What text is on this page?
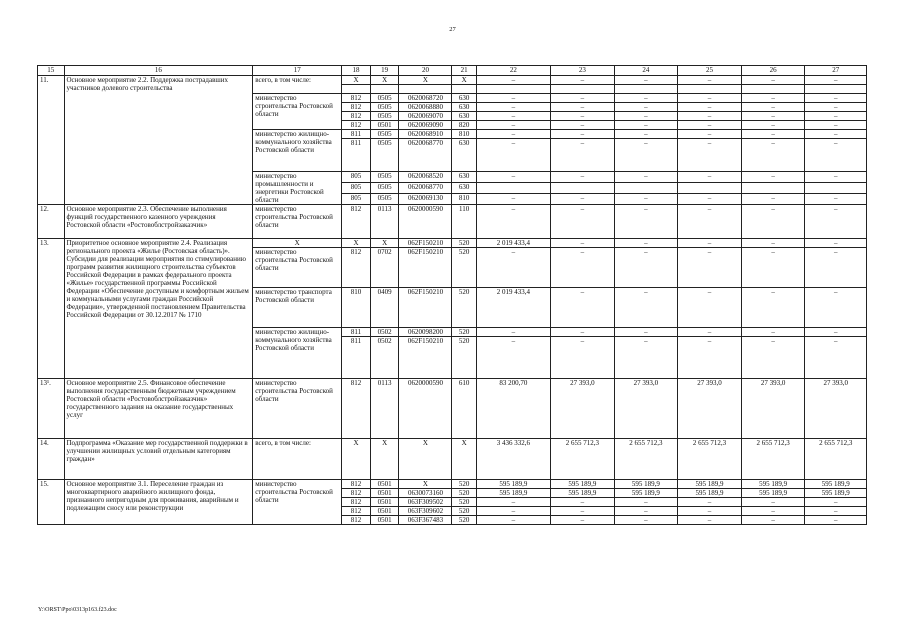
27
15	16	17	18	19	20	21	22	23	24	25	26	27
11.	Основное мероприятие 2.2. Поддержка пострадавших участников долевого строительства	всего, в том числе:	X	X	X	X	–	–	–	–	–	–

		министерство строительства Ростовской области	812	0505	0620068720	630	–	–	–	–	–	–
			812	0505	0620068880	630	–	–	–	–	–	–
			812	0505	0620069070	630	–	–	–	–	–	–
			812	0501	0620069090	820	–	–	–	–	–	–
		министерство жилищно-коммунального хозяйства Ростовской области	811	0505	0620068910	810	–	–	–	–	–	–
			811	0505	0620068770	630	–	–	–	–	–	–

		министерство промышленности и энергетики Ростовской области	805	0505	0620068520	630	–	–	–	–	–	–
			805	0505	0620068770	630						
			805	0505	0620069130	810	–	–	–	–	–	–
12.	Основное мероприятие 2.3. Обеспечение выполнения функций государственного казенного учреждения Ростовской области «Ростовоблстройзаказчик»	министерство строительства Ростовской области	812	0113	0620000590	110	–	–	–	–	–	–
13.	Приоритетное основное мероприятие 2.4. Реализация регионального проекта «Жилье (Ростовская область)». Субсидии для реализации мероприятия по стимулированию программ развития жилищного строительства субъектов Российской Федерации в рамках федерального проекта «Жилье» государственной программы Российской Федерации «Обеспечение доступным и комфортным жильем и коммунальными услугами граждан Российской Федерации», утвержденной постановлением Правительства Российской Федерации от 30.12.2017 № 1710	X	X	X	062F150210	520	2 019 433,4	–	–	–	–	–
		министерство строительства Ростовской области	812	0702	062F150210	520	–	–	–	–	–	–
		министерство транспорта Ростовской области	810	0409	062F150210	520	2 019 433,4	–	–	–	–	–
		министерство жилищно-коммунального хозяйства Ростовской области	811	0502	0620098200	520	–	–	–	–	–	–
			811	0502	062F150210	520	–	–	–	–	–	–

13¹.	Основное мероприятие 2.5. Финансовое обеспечение выполнения государственным бюджетным учреждением Ростовской области «Ростовоблстройзаказчик» государственного задания на оказание государственных услуг	министерство строительства Ростовской области	812	0113	0620000590	610	83 200,70	27 393,0	27 393,0	27 393,0	27 393,0	27 393,0
14.	Подпрограмма «Оказание мер государственной поддержки в улучшении жилищных условий отдельным категориям граждан»	всего, в том числе:	X	X	X	X	3 436 332,6	2 655 712,3	2 655 712,3	2 655 712,3	2 655 712,3	2 655 712,3
15.	Основное мероприятие 3.1. Переселение граждан из многоквартирного аварийного жилищного фонда, признанного непригодным для проживания, аварийным и подлежащим сносу или реконструкции	министерство строительства Ростовской области	812	0501	X	520	595 189,9	595 189,9	595 189,9	595 189,9	595 189,9	595 189,9
			812	0501	0630073160	520	595 189,9	595 189,9	595 189,9	595 189,9	595 189,9	595 189,9
			812	0501	063F309502	520	–	–	–	–	–	–
			812	0501	063F309602	520	–	–	–	–	–	–
			812	0501	063F367483	520	–	–	–	–	–	–
Y:\ORST\Ppo\0313p163.f23.doc
